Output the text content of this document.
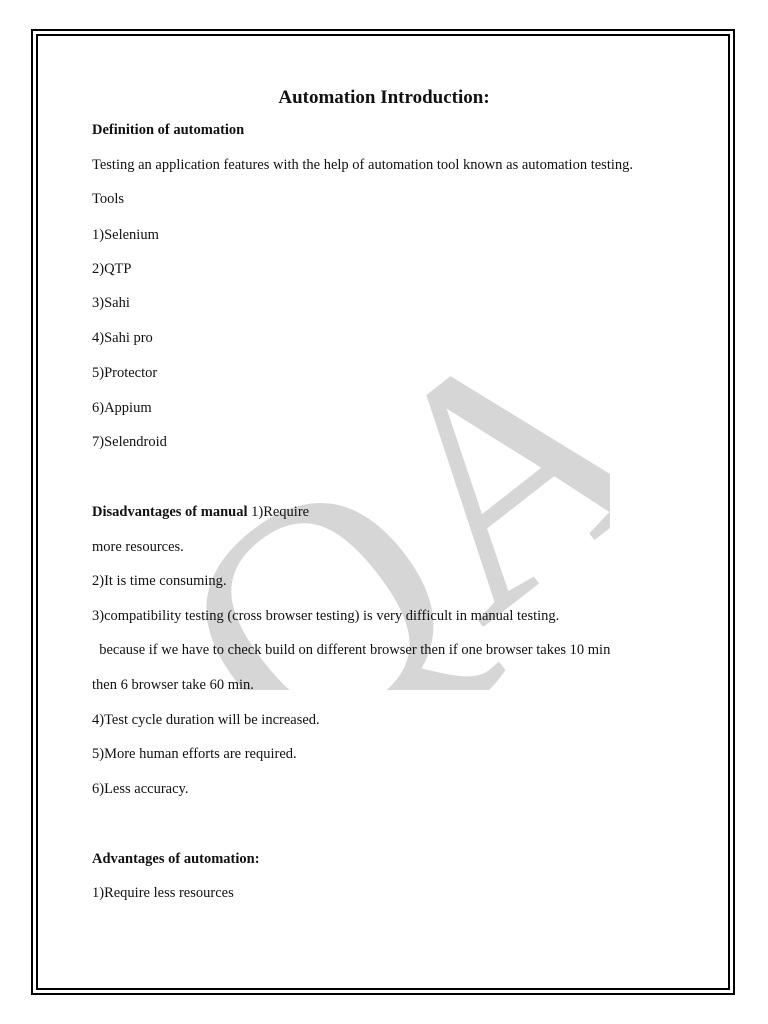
QA
Automation Introduction:
Definition of automation
Testing an application features with the help of automation tool known as automation testing.
Tools
1)Selenium
2)QTP
3)Sahi
4)Sahi pro
5)Protector
6)Appium
7)Selendroid
Disadvantages of manual 1)Require
more resources.
2)It is time consuming.
3)compatibility testing (cross browser testing) is very difficult in manual testing.
because if we have to check build on different browser then if one browser takes 10 min
then 6 browser take 60 min.
4)Test cycle duration will be increased.
5)More human efforts are required.
6)Less accuracy.
Advantages of automation:
1)Require less resources
